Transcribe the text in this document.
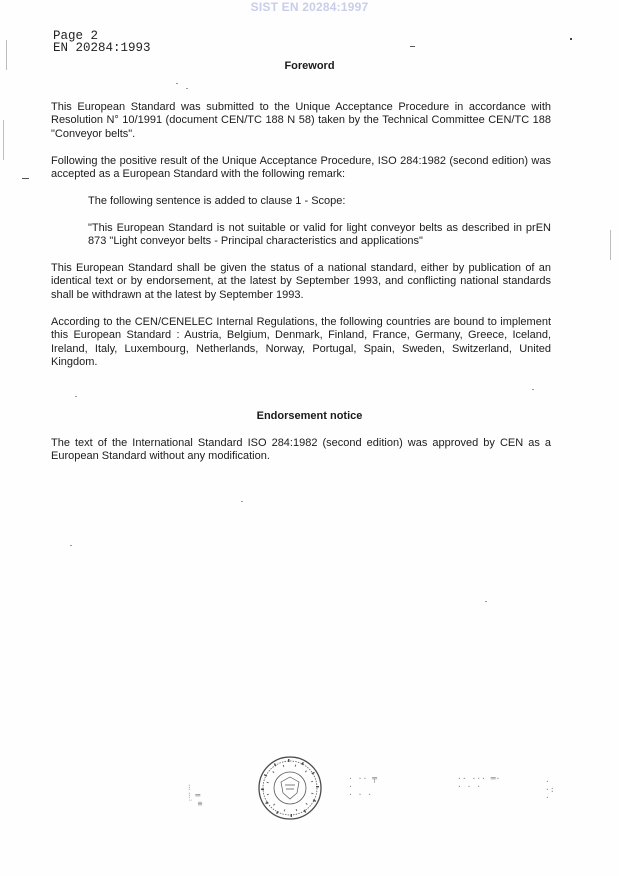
SIST EN 20284:1997
Page 2
EN 20284:1993
Foreword
This European Standard was submitted to the Unique Acceptance Procedure in accordance with Resolution N° 10/1991 (document CEN/TC 188 N 58) taken by the Technical Committee CEN/TC 188 "Conveyor belts".
Following the positive result of the Unique Acceptance Procedure, ISO 284:1982 (second edition) was accepted as a European Standard with the following remark:
The following sentence is added to clause 1 - Scope:
"This European Standard is not suitable or valid for light conveyor belts as described in prEN 873 "Light conveyor belts - Principal characteristics and applications"
This European Standard shall be given the status of a national standard, either by publication of an identical text or by endorsement, at the latest by September 1993, and conflicting national standards shall be withdrawn at the latest by September 1993.
According to the CEN/CENELEC Internal Regulations, the following countries are bound to implement this European Standard : Austria, Belgium, Denmark, Finland, France, Germany, Greece, Iceland, Ireland, Italy, Luxembourg, Netherlands, Norway, Portugal, Spain, Sweden, Switzerland, United Kingdom.
Endorsement notice
The text of the International Standard ISO 284:1982 (second edition) was approved by CEN as a European Standard without any modification.
⁝
⁝ ═
¨ ≡
· ·· ╤
·
· · ·
·· ··· ═·
· · ·
·
·:
·
